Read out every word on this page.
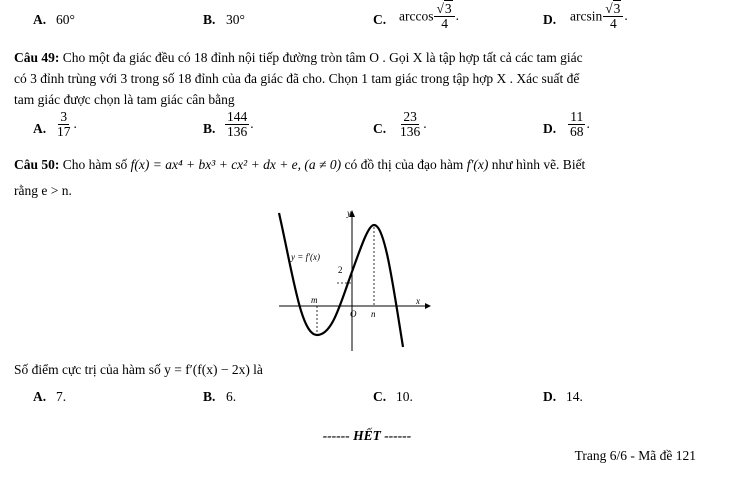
A. 60°	B. 30°	C. $\arccos \frac{√3}{4}$ .	D. $\arcsin \frac{√3}{4}$ .
Câu 49: Cho một đa giác đều có 18 đỉnh nội tiếp đường tròn tâm O . Gọi X là tập hợp tất cả các tam giác
có 3 đỉnh trùng với 3 trong số 18 đỉnh của đa giác đã cho. Chọn 1 tam giác trong tập hợp X . Xác suất để
tam giác được chọn là tam giác cân bằng
A. $\frac{3}{17}$ .	B. $\frac{144}{136}$ .	C. $\frac{23}{136}$ .	D. $\frac{11}{68}$ .
Câu 50: Cho hàm số f(x) = ax⁴ + bx³ + cx² + dx + e, (a ≠ 0) có đồ thị của đạo hàm f′(x) như hình vẽ. Biết
rằng e > n.
y
x
y = f′(x)
2
m
O n
Số điểm cực trị của hàm số y = f′(f(x) − 2x) là
A. 7.	B. 6.	C. 10.	D. 14.
------ HẾT ------
Trang 6/6 - Mã đề 121
